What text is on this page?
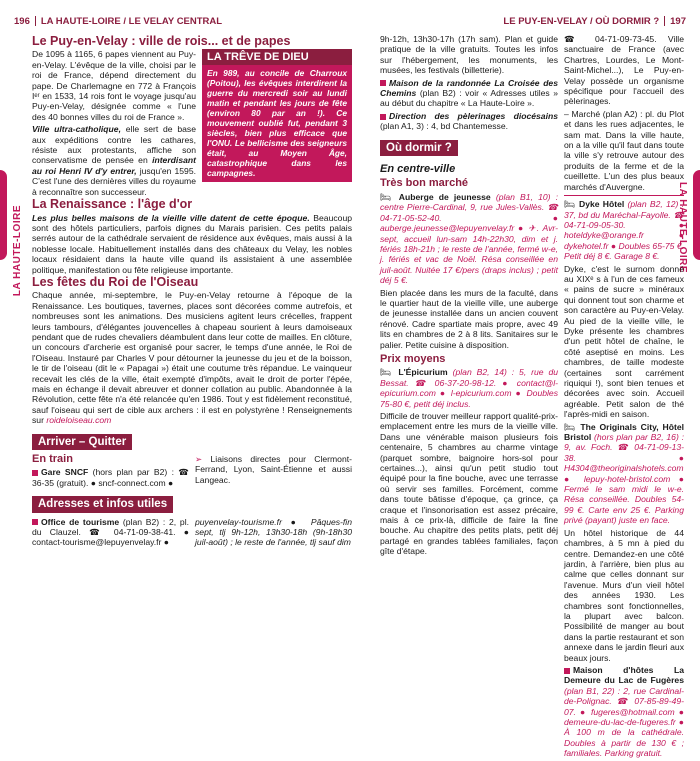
196 LA HAUTE-LOIRE / LE VELAY CENTRAL	LE PUY-EN-VELAY / OÙ DORMIR ? 197
LA HAUTE-LOIRE	LA HAUTE-LOIRE
Le Puy-en-Velay : ville de rois... et de papes
LA TRÊVE DE DIEU
En 989, au concile de Charroux (Poitou), les évêques interdirent la guerre du mercredi soir au lundi matin et pendant les jours de fête (environ 80 par an !). Ce mouvement oublié fut, pendant 3 siècles, bien plus efficace que l'ONU. Le bellicisme des seigneurs était, au Moyen Âge, catastrophique dans les campagnes.

De 1095 à 1165, 6 papes viennent au Puy-en-Velay. L'évêque de la ville, choisi par le roi de France, dépend directement du pape. De Charlemagne en 772 à François Iᵉʳ en 1533, 14 rois font le voyage jusqu'au Puy-en-Velay, désignée comme « l'une des 40 bonnes villes du roi de France ».

Ville ultra-catholique, elle sert de base aux expéditions contre les cathares, résiste aux protestants, affiche son conservatisme de pensée en interdisant au roi Henri IV d'y entrer, jusqu'en 1595. C'est l'une des dernières villes du royaume à reconnaître son successeur.

La Renaissance : l'âge d'or

Les plus belles maisons de la vieille ville datent de cette époque. Beaucoup sont des hôtels particuliers, parfois dignes du Marais parisien. Ces petits palais serrés autour de la cathédrale servaient de résidence aux évêques, mais aussi à la noblesse locale. Habituellement installés dans des châteaux du Velay, les nobles locaux résidaient dans la haute ville quand ils assistaient à une assemblée politique, manifestation ou fête religieuse importante.

Les fêtes du Roi de l'Oiseau

Chaque année, mi-septembre, le Puy-en-Velay retourne à l'époque de la Renaissance. Les boutiques, tavernes, places sont décorées comme autrefois, et nombreuses sont les animations. Des musiciens agitent leurs crécelles, frappent leurs tambours, d'élégantes jouvencelles à chapeau sourient à leurs damoiseaux pendant que de rudes chevaliers déambulent dans leur cotte de mailles. En clôture, un concours d'archerie est organisé pour sacrer, le temps d'une année, le Roi de l'Oiseau. Instauré par Charles V pour détourner la jeunesse du jeu et de la boisson, le tir de l'oiseau (dit le « Papagai ») était une coutume très répandue. Le vainqueur recevait les clés de la ville, était exempté d'impôts, avait le droit de porter l'épée, mais en échange il devait abreuver et donner collation au public. Abandonnée à la Révolution, cette fête n'a été relancée qu'en 1986. Tout y est fidèlement reconstitué, sauf l'oiseau qui sert de cible aux archers : il est en polystyrène ! Renseignements sur roideloiseau.com

Arriver – Quitter
En train

Gare SNCF (hors plan par B2) : ☎ 36-35 (gratuit). ● sncf-connect.com ●

➢ Liaisons directes pour Clermont-Ferrand, Lyon, Saint-Étienne et aussi Langeac.

Adresses et infos utiles

Office de tourisme (plan B2) : 2, pl. du Clauzel. ☎ 04-71-09-38-41. ● contact-tourisme@lepuyenvelay.fr ●

puyenvelay-tourisme.fr ● Pâques-fin sept, tlj 9h-12h, 13h30-18h (9h-18h30 juil-août) ; le reste de l'année, tlj sauf dim

9h-12h, 13h30-17h (17h sam). Plan et guide pratique de la ville gratuits. Toutes les infos sur l'hébergement, les monuments, les musées, les festivals (billetterie).

Maison de la randonnée La Croisée des Chemins (plan B2) : voir « Adresses utiles » au début du chapitre « La Haute-Loire ».

Direction des pèlerinages diocésains (plan A1, 3) : 4, bd Chantemesse.

Où dormir ?
En centre-ville
Très bon marché

🛏 Auberge de jeunesse (plan B1, 10) : centre Pierre-Cardinal, 9, rue Jules-Vallès. ☎ 04-71-05-52-40. ● auberge.jeunesse@lepuyenvelay.fr ● ✈. Avr-sept, accueil lun-sam 14h-22h30, dim et j. fériés 18h-21h ; le reste de l'année, fermé w-e, j. fériés et vac de Noël. Résa conseillée en juil-août. Nuitée 17 €/pers (draps inclus) ; petit déj 5 €.

Bien placée dans les murs de la faculté, dans le quartier haut de la vieille ville, une auberge de jeunesse installée dans un ancien couvent rénové. Cadre spartiate mais propre, avec 49 lits en chambres de 2 à 8 lits. Sanitaires sur le palier. Petite cuisine à disposition.

Prix moyens

🛏 L'Épicurium (plan B2, 14) : 5, rue du Bessat. ☎ 06-37-20-98-12. ● contact@l-epicurium.com ● l-epicurium.com ● Doubles 75-80 €, petit déj inclus.

Difficile de trouver meilleur rapport qualité-prix-emplacement entre les murs de la vieille ville. Dans une vénérable maison plusieurs fois centenaire, 5 chambres au charme vintage (parquet sombre, baignoire hors-sol pour certaines...), ainsi qu'un petit studio tout équipé pour la fine bouche, avec une terrasse où servir ses familles. Forcément, comme dans toute bâtisse d'époque, ça grince, ça craque et l'insonorisation est assez précaire, mais à ce prix-là, difficile de faire la fine bouche. Au chapitre des petits plats, petit déj partagé en grandes tablées familiales, façon gîte d'étape.

☎ 04-71-09-73-45. Ville sanctuaire de France (avec Chartres, Lourdes, Le Mont-Saint-Michel...), Le Puy-en-Velay possède un organisme spécifique pour l'accueil des pèlerinages.

– Marché (plan A2) : pl. du Plot et dans les rues adjacentes, le sam mat. Dans la ville haute, on a la ville qu'il faut dans toute la ville s'y retrouve autour des produits de la ferme et de la cueillette. L'un des plus beaux marchés d'Auvergne.

🛏 Dyke Hôtel (plan B2, 12) : 37, bd du Maréchal-Fayolle. ☎ 04-71-09-05-30. ● hoteldyke@orange.fr ● dykehotel.fr ● Doubles 65-75 €. Petit déj 8 €. Garage 8 €.

Dyke, c'est le surnom donné au XIXᵉ s à l'un de ces fameux « pains de sucre » minéraux qui donnent tout son charme et son caractère au Puy-en-Velay. Au pied de la vieille ville, le Dyke présente les chambres d'un petit hôtel de chaîne, le côté aseptisé en moins. Les chambres, de taille modeste (certaines sont carrément riquiqui !), sont bien tenues et décorées avec soin. Accueil agréable. Petit salon de thé l'après-midi en saison.

🛏 The Originals City, Hôtel Bristol (hors plan par B2, 16) : 9, av. Foch. ☎ 04-71-09-13-38. ● H4304@theoriginalshotels.com ● lepuy-hotel-bristol.com ● Fermé le sam midi le w-e. Résa conseillée. Doubles 54-99 €. Carte env 25 €. Parking privé (payant) juste en face.

Un hôtel historique de 44 chambres, à 5 mn à pied du centre. Demandez-en une côté jardin, à l'arrière, bien plus au calme que celles donnant sur l'avenue. Murs d'un vieil hôtel des années 1930. Les chambres sont fonctionnelles, la plupart avec balcon. Possibilité de manger au bout dans la partie restaurant et son annexe dans le jardin fleuri aux beaux jours.

Maison d'hôtes La Demeure du Lac de Fugères (plan B1, 22) : 2, rue Cardinal-de-Polignac. ☎ 07-85-89-49-07. ● fugeres@hotmail.com ● demeure-du-lac-de-fugeres.fr ● À 100 m de la cathédrale. Doubles à partir de 130 € ; familiales. Parking gratuit.
